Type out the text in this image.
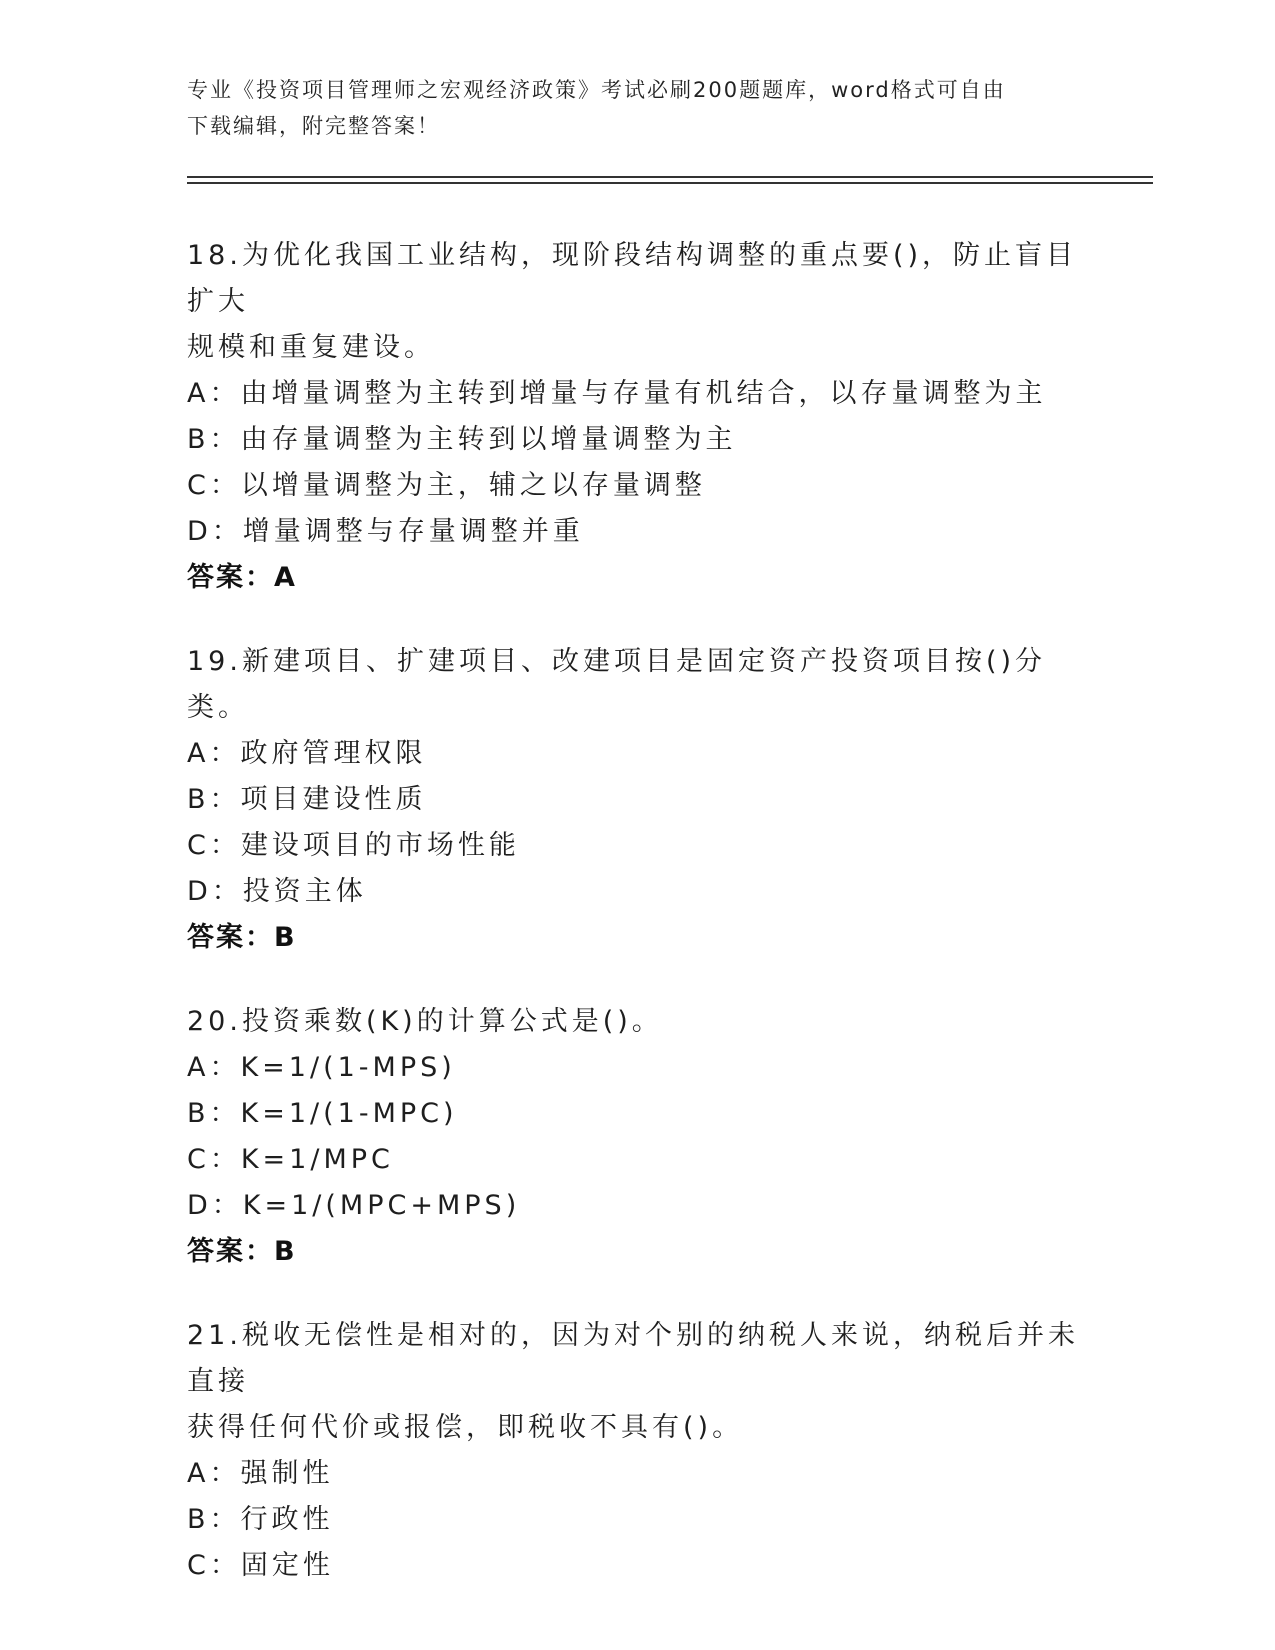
专业《投资项目管理师之宏观经济政策》考试必刷200题题库，word格式可自由
下载编辑，附完整答案！

18.为优化我国工业结构，现阶段结构调整的重点要()，防止盲目扩大
规模和重复建设。

A：由增量调整为主转到增量与存量有机结合，以存量调整为主

B：由存量调整为主转到以增量调整为主

C：以增量调整为主，辅之以存量调整

D：增量调整与存量调整并重

答案：A

19.新建项目、扩建项目、改建项目是固定资产投资项目按()分类。

A：政府管理权限

B：项目建设性质

C：建设项目的市场性能

D：投资主体

答案：B

20.投资乘数(K)的计算公式是()。

A：K=1/(1-MPS)

B：K=1/(1-MPC)

C：K=1/MPC

D：K=1/(MPC+MPS)

答案：B

21.税收无偿性是相对的，因为对个别的纳税人来说，纳税后并未直接
获得任何代价或报偿，即税收不具有()。

A：强制性

B：行政性

C：固定性
